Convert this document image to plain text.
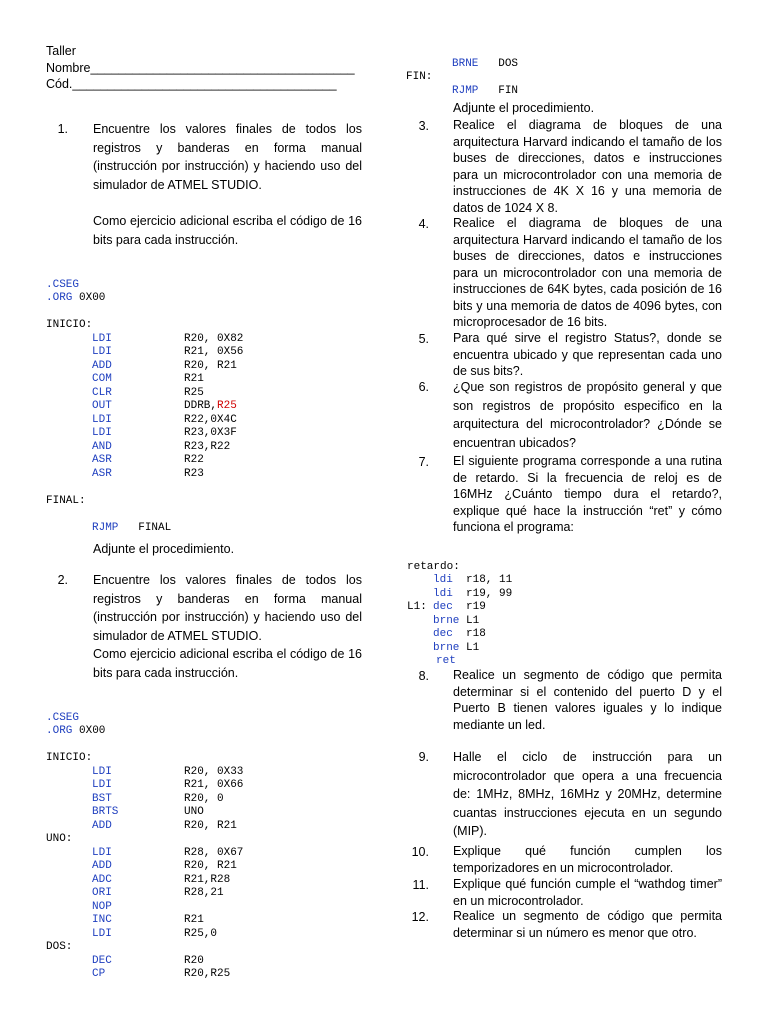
Taller
Nombre______________________________________
Cód.______________________________________
1. Encuentre los valores finales de todos los registros y banderas en forma manual (instrucción por instrucción) y haciendo uso del simulador de ATMEL STUDIO.

Como ejercicio adicional escriba el código de 16 bits para cada instrucción.

.CSEG
.ORG 0X00
INICIO:
LDI	R20, 0X82
LDI	R21, 0X56
ADD	R20, R21
COM	R21
CLR	R25
OUT	DDRB,R25
LDI	R22,0X4C
LDI	R23,0X3F
AND	R23,R22
ASR	R22
ASR	R23
FINAL:
RJMP FINAL

Adjunte el procedimiento.

2. Encuentre los valores finales de todos los registros y banderas en forma manual (instrucción por instrucción) y haciendo uso del simulador de ATMEL STUDIO.

Como ejercicio adicional escriba el código de 16 bits para cada instrucción.

.CSEG
.ORG 0X00
INICIO:
LDI	R20, 0X33
LDI	R21, 0X66
BST	R20, 0
BRTS	UNO
ADD	R20, R21
UNO:
LDI	R28, 0X67
ADD	R20, R21
ADC	R21,R28
ORI	R28,21
NOP
INC	R21
LDI	R25,0
DOS:
DEC	R20
CP	R20,R25

BRNE DOS
FIN:
RJMP FIN

Adjunte el procedimiento.

3. Realice el diagrama de bloques de una arquitectura Harvard indicando el tamaño de los buses de direcciones, datos e instrucciones para un microcontrolador con una memoria de instrucciones de 4K X 16 y una memoria de datos de 1024 X 8.

4. Realice el diagrama de bloques de una arquitectura Harvard indicando el tamaño de los buses de direcciones, datos e instrucciones para un microcontrolador con una memoria de instrucciones de 64K bytes, cada posición de 16 bits y una memoria de datos de 4096 bytes, con microprocesador de 16 bits.

5. Para qué sirve el registro Status?, donde se encuentra ubicado y que representan cada uno de sus bits?.

6. ¿Que son registros de propósito general y que son registros de propósito especifico en la arquitectura del microcontrolador? ¿Dónde se encuentran ubicados?

7. El siguiente programa corresponde a una rutina de retardo. Si la frecuencia de reloj es de 16MHz ¿Cuánto tiempo dura el retardo?, explique qué hace la instrucción “ret” y cómo funciona el programa:

retardo:
ldi r18, 11
ldi r19, 99
L1: dec r19
brne L1
dec r18
brne L1
ret

8. Realice un segmento de código que permita determinar si el contenido del puerto D y el Puerto B tienen valores iguales y lo indique mediante un led.

9. Halle el ciclo de instrucción para un microcontrolador que opera a una frecuencia de: 1MHz, 8MHz, 16MHz y 20MHz, determine cuantas instrucciones ejecuta en un segundo (MIP).

10. Explique qué función cumplen los temporizadores en un microcontrolador.

11. Explique qué función cumple el “wathdog timer” en un microcontrolador.

12. Realice un segmento de código que permita determinar si un número es menor que otro.
